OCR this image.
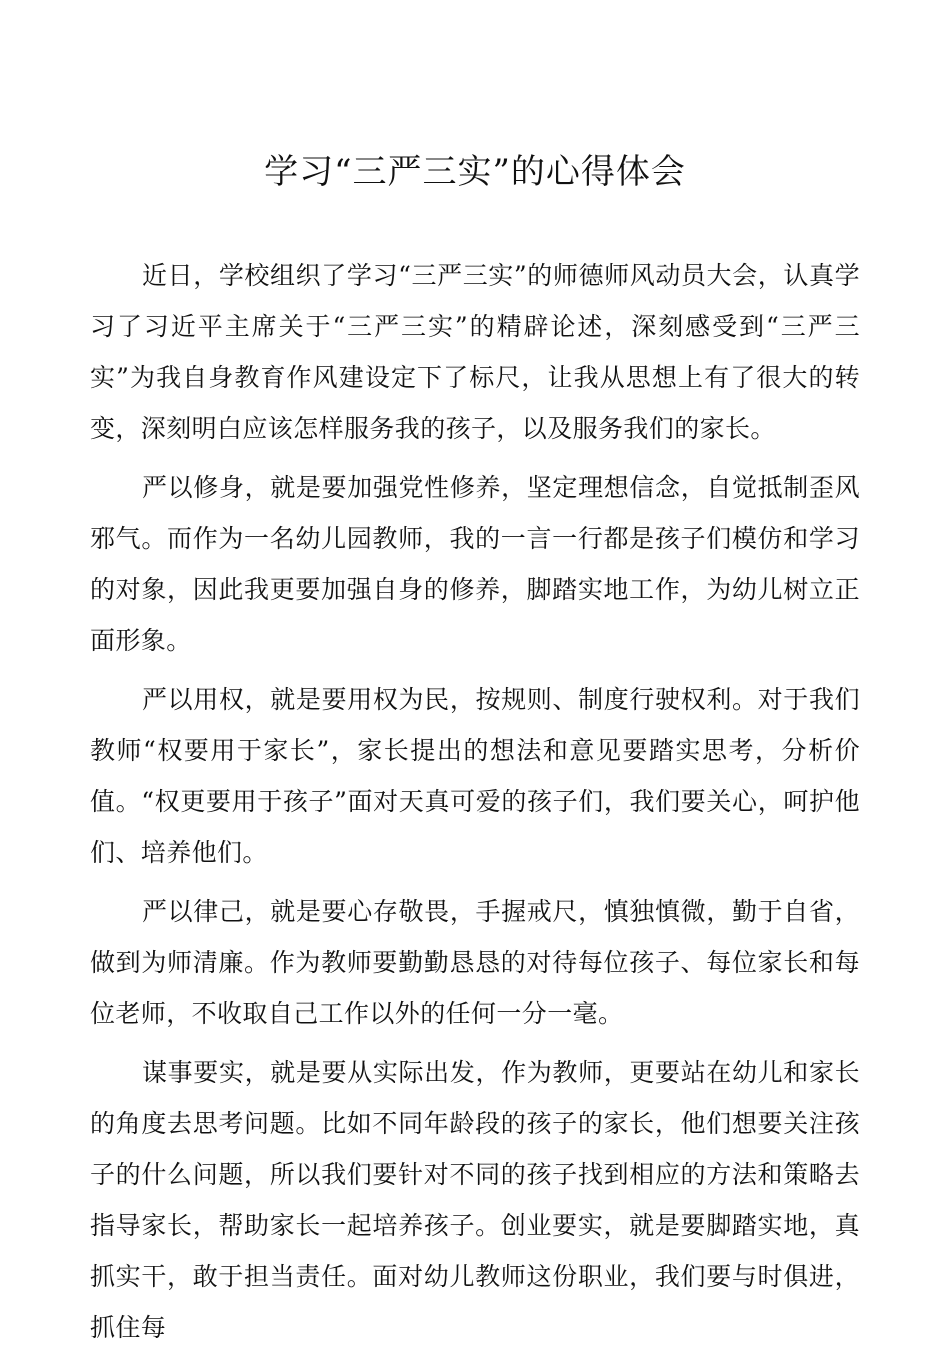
学习“三严三实”的心得体会

近日，学校组织了学习“三严三实”的师德师风动员大会，认真学习了习近平主席关于“三严三实”的精辟论述，深刻感受到“三严三实”为我自身教育作风建设定下了标尺，让我从思想上有了很大的转变，深刻明白应该怎样服务我的孩子，以及服务我们的家长。

严以修身，就是要加强党性修养，坚定理想信念，自觉抵制歪风邪气。而作为一名幼儿园教师，我的一言一行都是孩子们模仿和学习的对象，因此我更要加强自身的修养，脚踏实地工作，为幼儿树立正面形象。

严以用权，就是要用权为民，按规则、制度行驶权利。对于我们教师“权要用于家长”，家长提出的想法和意见要踏实思考，分析价值。“权更要用于孩子”面对天真可爱的孩子们，我们要关心，呵护他们、培养他们。

严以律己，就是要心存敬畏，手握戒尺，慎独慎微，勤于自省，做到为师清廉。作为教师要勤勤恳恳的对待每位孩子、每位家长和每位老师，不收取自己工作以外的任何一分一毫。

谋事要实，就是要从实际出发，作为教师，更要站在幼儿和家长的角度去思考问题。比如不同年龄段的孩子的家长，他们想要关注孩子的什么问题，所以我们要针对不同的孩子找到相应的方法和策略去指导家长，帮助家长一起培养孩子。创业要实，就是要脚踏实地，真抓实干，敢于担当责任。面对幼儿教师这份职业，我们要与时俱进，抓住每
